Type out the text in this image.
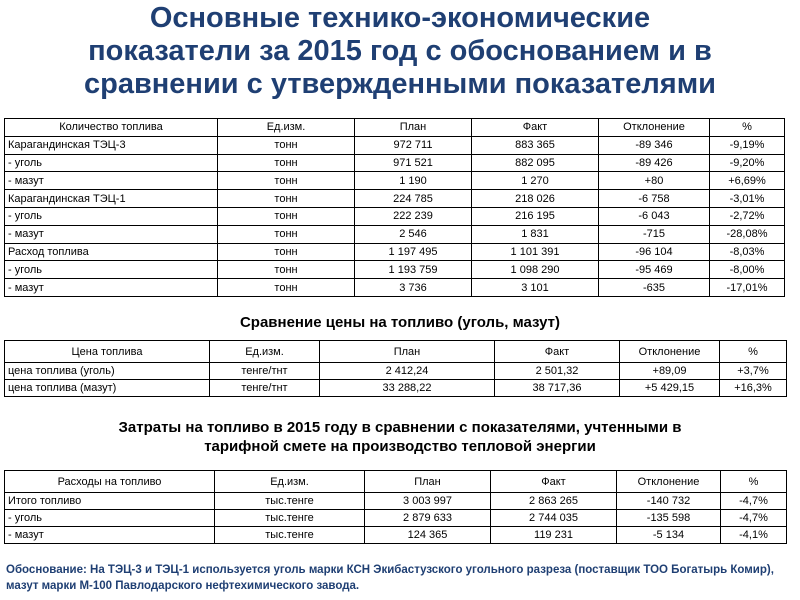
Основные технико-экономические
показатели за 2015 год с обоснованием и в
сравнении с утвержденными показателями
Количество топлива	Ед.изм.	План	Факт	Отклонение	%
Карагандинская ТЭЦ-3	тонн	972 711	883 365	-89 346	-9,19%
- уголь	тонн	971 521	882 095	-89 426	-9,20%
- мазут	тонн	1 190	1 270	+80	+6,69%
Карагандинская ТЭЦ-1	тонн	224 785	218 026	-6 758	-3,01%
- уголь	тонн	222 239	216 195	-6 043	-2,72%
- мазут	тонн	2 546	1 831	-715	-28,08%
Расход топлива	тонн	1 197 495	1 101 391	-96 104	-8,03%
- уголь	тонн	1 193 759	1 098 290	-95 469	-8,00%
- мазут	тонн	3 736	3 101	-635	-17,01%
Сравнение цены на топливо (уголь, мазут)
Цена топлива	Ед.изм.	План	Факт	Отклонение	%
цена топлива (уголь)	тенге/тнт	2 412,24	2 501,32	+89,09	+3,7%
цена топлива (мазут)	тенге/тнт	33 288,22	38 717,36	+5 429,15	+16,3%
Затраты на топливо в 2015 году в сравнении с показателями, учтенными в
тарифной смете на производство тепловой энергии
Расходы на топливо	Ед.изм.	План	Факт	Отклонение	%
Итого топливо	тыс.тенге	3 003 997	2 863 265	-140 732	-4,7%
- уголь	тыс.тенге	2 879 633	2 744 035	-135 598	-4,7%
- мазут	тыс.тенге	124 365	119 231	-5 134	-4,1%
Обоснование: На ТЭЦ-3 и ТЭЦ-1 используется уголь марки КСН Экибастузского угольного разреза (поставщик ТОО Богатырь Комир), мазут марки М-100 Павлодарского нефтехимического завода.
